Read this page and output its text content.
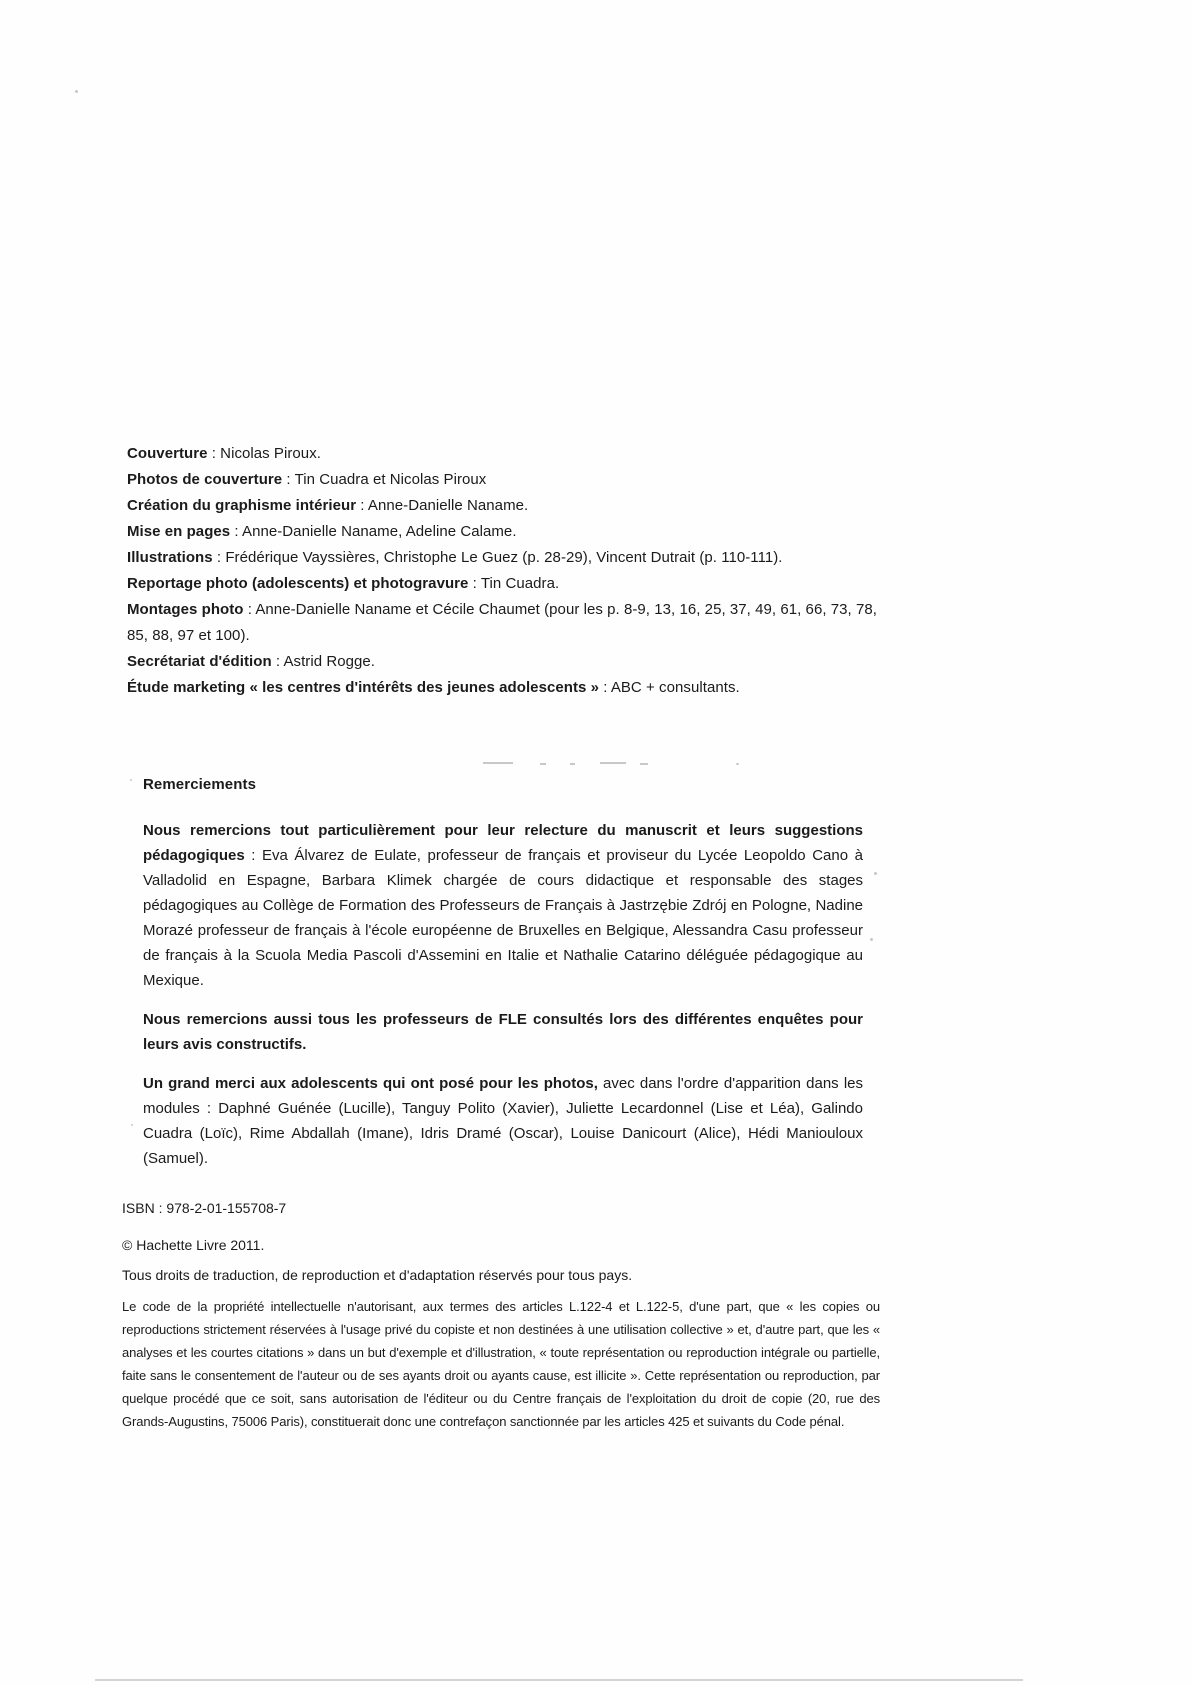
Couverture : Nicolas Piroux.
Photos de couverture : Tin Cuadra et Nicolas Piroux
Création du graphisme intérieur : Anne-Danielle Naname.
Mise en pages : Anne-Danielle Naname, Adeline Calame.
Illustrations : Frédérique Vayssières, Christophe Le Guez (p. 28-29), Vincent Dutrait (p. 110-111).
Reportage photo (adolescents) et photogravure : Tin Cuadra.
Montages photo : Anne-Danielle Naname et Cécile Chaumet (pour les p. 8-9, 13, 16, 25, 37, 49, 61, 66, 73, 78, 85, 88, 97 et 100).
Secrétariat d'édition : Astrid Rogge.
Étude marketing « les centres d'intérêts des jeunes adolescents » : ABC + consultants.
Remerciements

Nous remercions tout particulièrement pour leur relecture du manuscrit et leurs suggestions pédagogiques : Eva Álvarez de Eulate, professeur de français et proviseur du Lycée Leopoldo Cano à Valladolid en Espagne, Barbara Klimek chargée de cours didactique et responsable des stages pédagogiques au Collège de Formation des Professeurs de Français à Jastrzębie Zdrój en Pologne, Nadine Morazé professeur de français à l'école européenne de Bruxelles en Belgique, Alessandra Casu professeur de français à la Scuola Media Pascoli d'Assemini en Italie et Nathalie Catarino déléguée pédagogique au Mexique.

Nous remercions aussi tous les professeurs de FLE consultés lors des différentes enquêtes pour leurs avis constructifs.

Un grand merci aux adolescents qui ont posé pour les photos, avec dans l'ordre d'apparition dans les modules : Daphné Guénée (Lucille), Tanguy Polito (Xavier), Juliette Lecardonnel (Lise et Léa), Galindo Cuadra (Loïc), Rime Abdallah (Imane), Idris Dramé (Oscar), Louise Danicourt (Alice), Hédi Maniouloux (Samuel).

ISBN : 978-2-01-155708-7
© Hachette Livre 2011.
Tous droits de traduction, de reproduction et d'adaptation réservés pour tous pays.
Le code de la propriété intellectuelle n'autorisant, aux termes des articles L.122-4 et L.122-5, d'une part, que « les copies ou reproductions strictement réservées à l'usage privé du copiste et non destinées à une utilisation collective » et, d'autre part, que les « analyses et les courtes citations » dans un but d'exemple et d'illustration, « toute représentation ou reproduction intégrale ou partielle, faite sans le consentement de l'auteur ou de ses ayants droit ou ayants cause, est illicite ». Cette représentation ou reproduction, par quelque procédé que ce soit, sans autorisation de l'éditeur ou du Centre français de l'exploitation du droit de copie (20, rue des Grands-Augustins, 75006 Paris), constituerait donc une contrefaçon sanctionnée par les articles 425 et suivants du Code pénal.
